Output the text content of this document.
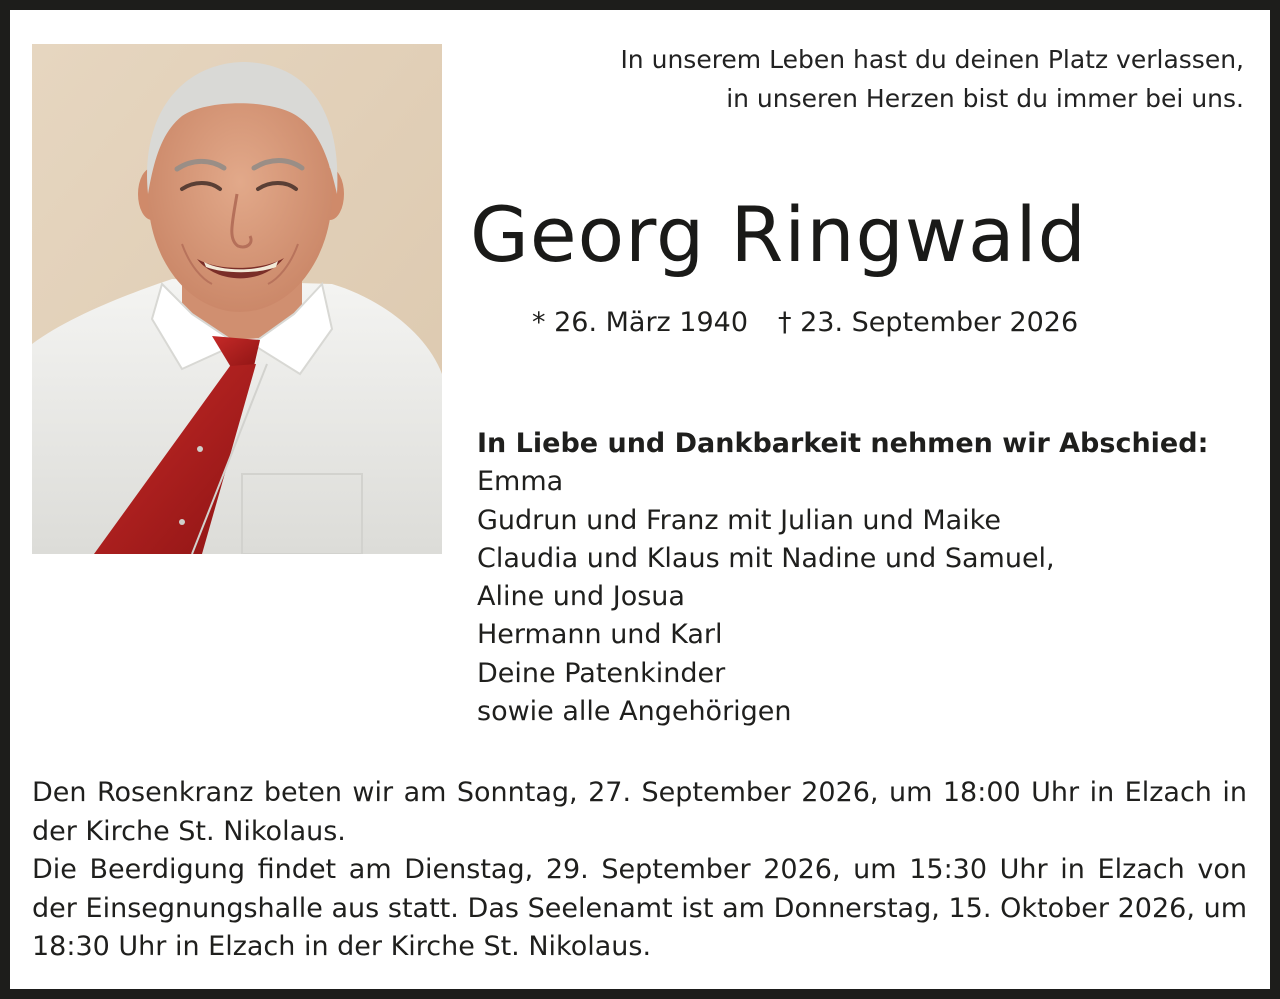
In unserem Leben hast du deinen Platz verlassen,
in unseren Herzen bist du immer bei uns.
Georg Ringwald
* 26. März 1940 † 23. September 2026
In Liebe und Dankbarkeit nehmen wir Abschied:
Emma
Gudrun und Franz mit Julian und Maike
Claudia und Klaus mit Nadine und Samuel,
Aline und Josua
Hermann und Karl
Deine Patenkinder
sowie alle Angehörigen

Den Rosenkranz beten wir am Sonntag, 27. September 2026, um 18:00 Uhr in Elzach in der Kirche St. Nikolaus.

Die Beerdigung findet am Dienstag, 29. September 2026, um 15:30 Uhr in Elzach von der Einsegnungshalle aus statt. Das Seelenamt ist am Donnerstag, 15. Oktober 2026, um 18:30 Uhr in Elzach in der Kirche St. Nikolaus.
